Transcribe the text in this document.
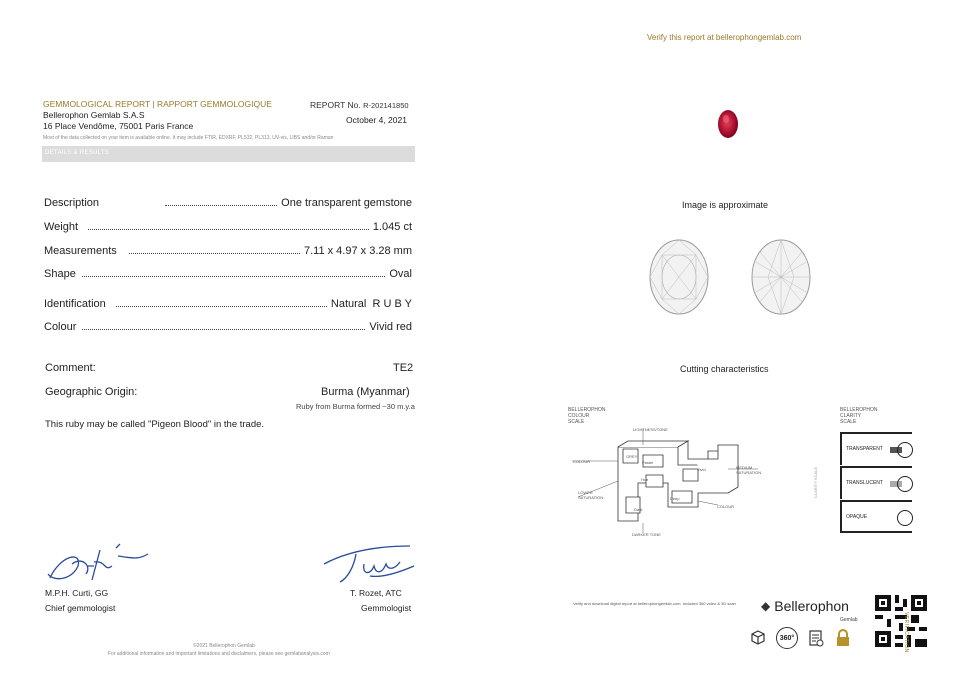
GEMMOLOGICAL REPORT | RAPPORT GEMMOLOGIQUE	REPORT No. R-202141850
Bellerophon Gemlab S.A.S
16 Place Vendôme, 75001 Paris France
October 4, 2021
Most of the data collected on your item is available online. It may include FTIR, EDXRF, PL532, PL313, UV-vis, LIBS and/or Raman
DETAILS & RESULTS
Description	One transparent gemstone
Weight	1.045 ct
Measurements	7.11 x 4.97 x 3.28 mm
Shape	Oval
Identification	Natural  R U B Y
Colour	Vivid red
Comment:	TE2
Geographic Origin:	Burma (Myanmar)
Ruby from Burma formed ~30 m.y.a
This ruby may be called "Pigeon Blood" in the trade.
M.P.H. Curti, GG
Chief gemmologist
T. Rozet, ATC
Gemmologist
©2021 Bellerophon Gemlab
For additional information and important limitations and disclaimers, please see gemlabanalysis.com
Verify this report at bellerophongemlab.com
Image is approximate
Cutting characteristics
BELLEROPHON
COLOUR
SCALE
LIGHTNESS/TONE
COLOUR
GREY
Pastel
Vivid
Deep
Dark
Hue
MEDIUM SATURATION
LOWER SATURATION
COLOUR
DARKER TONE
BELLEROPHON
CLARITY
SCALE
CLARITY SCALE
TRANSPARENT
TRANSLUCENT
OPAQUE
Verify and download digital report at bellerophongemlab.com. Included 360 video & 3D scan ◆ Bellerophon
Gemlab	VERIFICATION
360°
